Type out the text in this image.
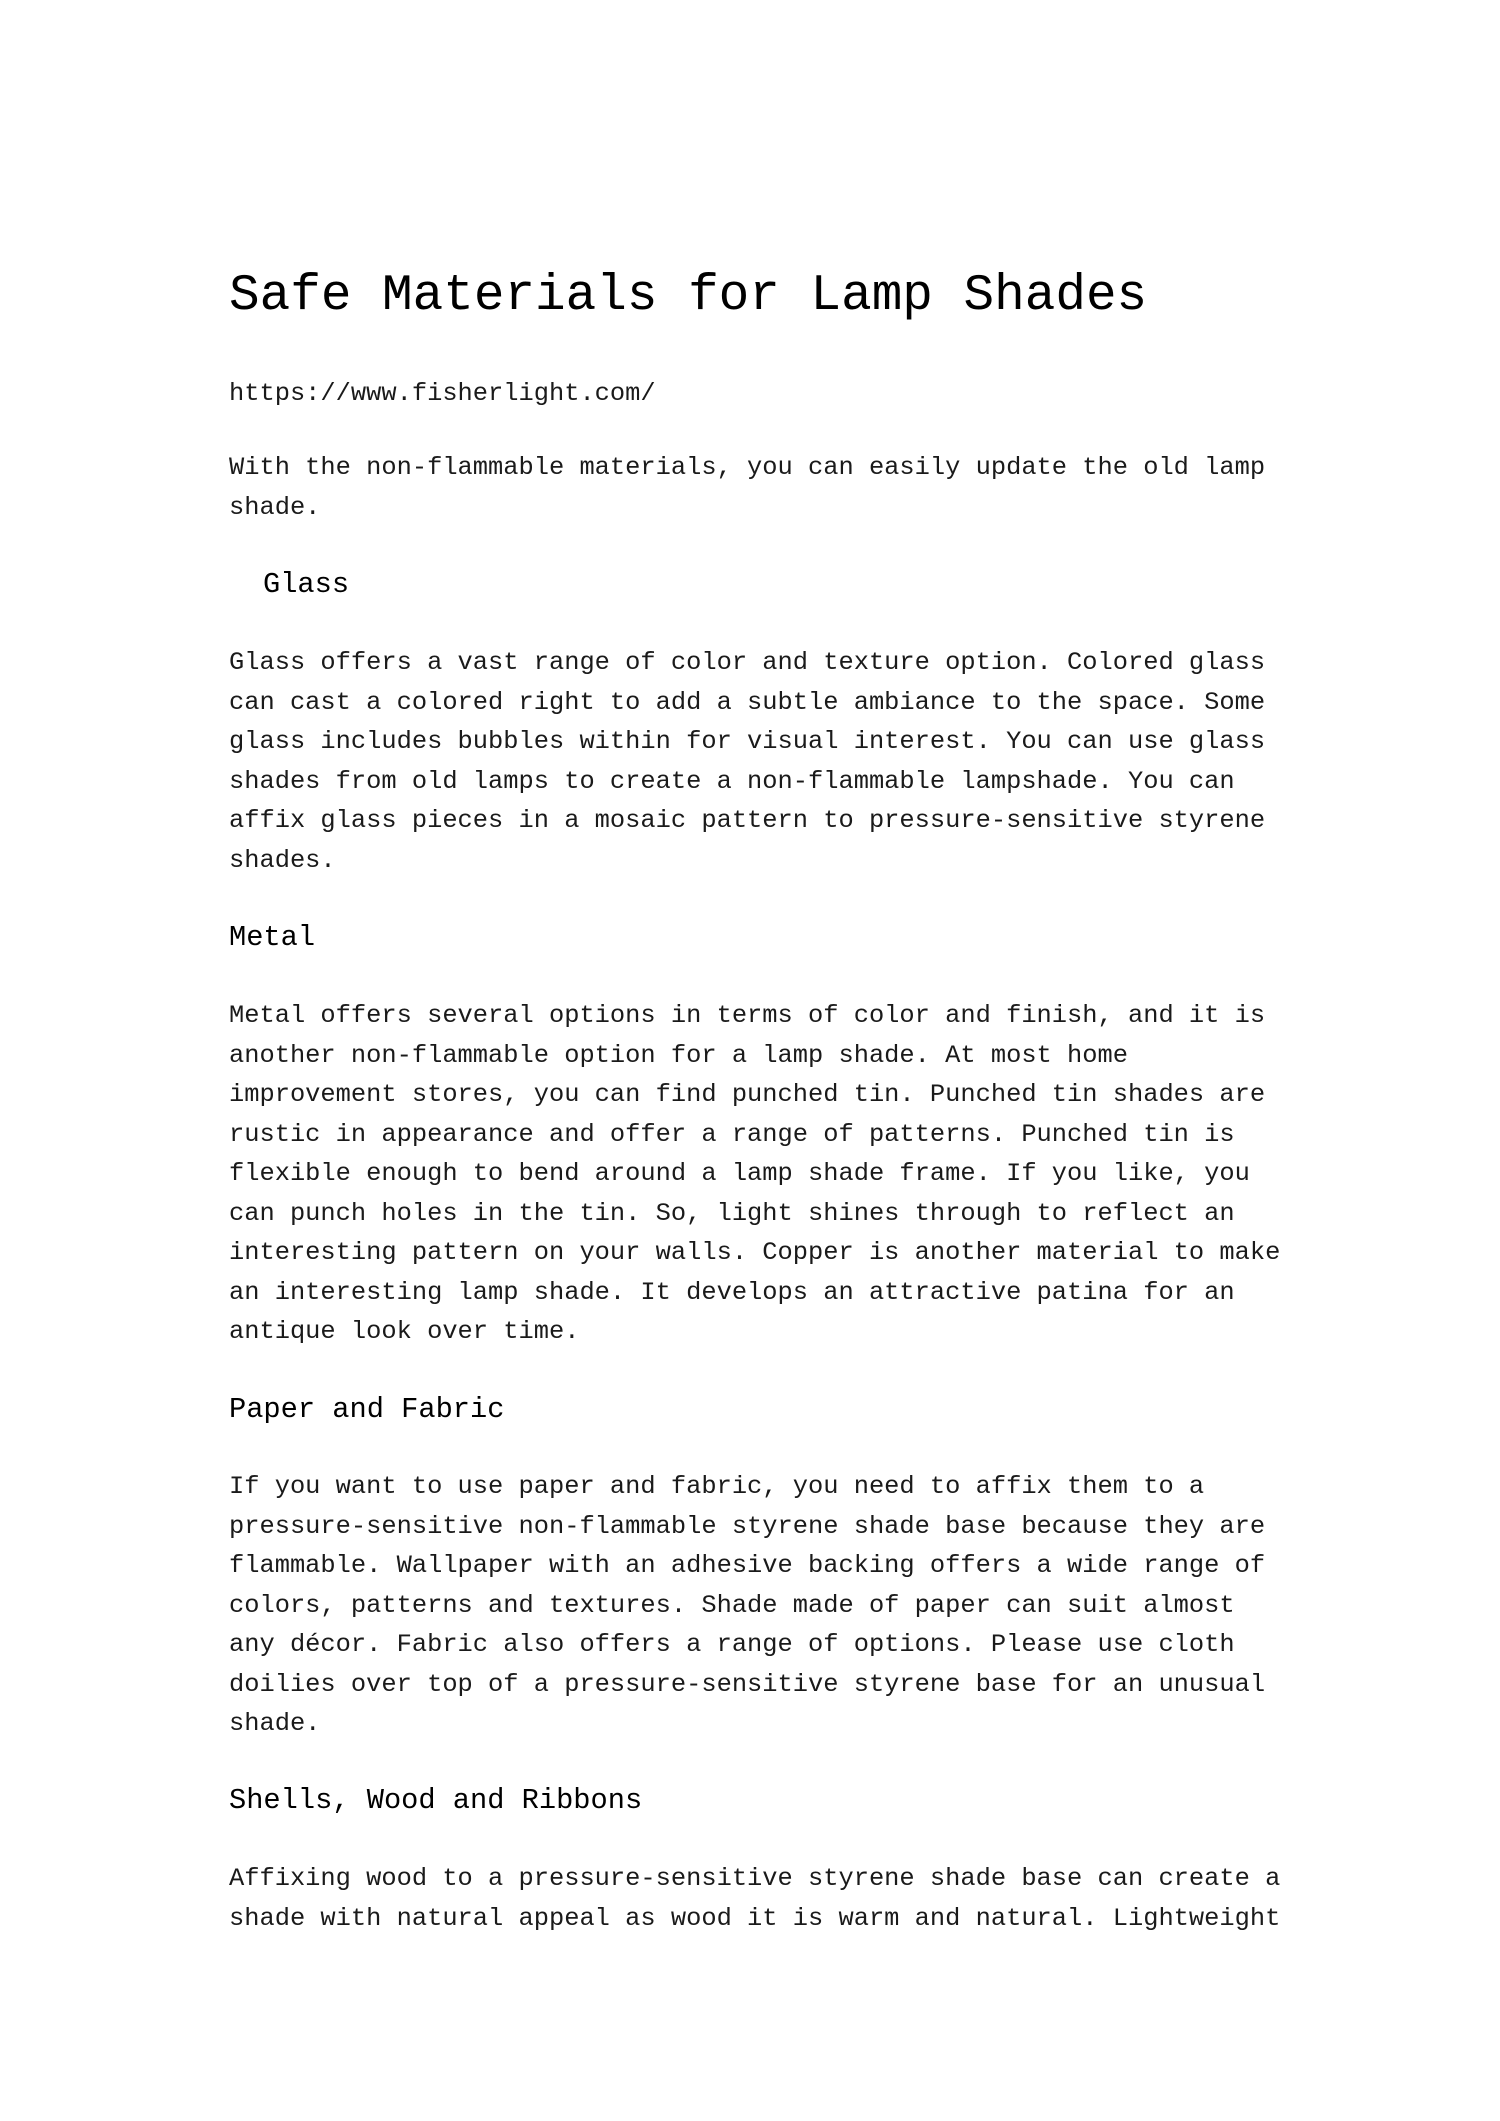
Safe Materials for Lamp Shades
https://www.fisherlight.com/
With the non-flammable materials, you can easily update the old lamp
shade.
Glass
Glass offers a vast range of color and texture option. Colored glass
can cast a colored right to add a subtle ambiance to the space. Some
glass includes bubbles within for visual interest. You can use glass
shades from old lamps to create a non-flammable lampshade. You can
affix glass pieces in a mosaic pattern to pressure-sensitive styrene
shades.
Metal
Metal offers several options in terms of color and finish, and it is
another non-flammable option for a lamp shade. At most home
improvement stores, you can find punched tin. Punched tin shades are
rustic in appearance and offer a range of patterns. Punched tin is
flexible enough to bend around a lamp shade frame. If you like, you
can punch holes in the tin. So, light shines through to reflect an
interesting pattern on your walls. Copper is another material to make
an interesting lamp shade. It develops an attractive patina for an
antique look over time.
Paper and Fabric
If you want to use paper and fabric, you need to affix them to a
pressure-sensitive non-flammable styrene shade base because they are
flammable. Wallpaper with an adhesive backing offers a wide range of
colors, patterns and textures. Shade made of paper can suit almost
any décor. Fabric also offers a range of options. Please use cloth
doilies over top of a pressure-sensitive styrene base for an unusual
shade.
Shells, Wood and Ribbons
Affixing wood to a pressure-sensitive styrene shade base can create a
shade with natural appeal as wood it is warm and natural. Lightweight
